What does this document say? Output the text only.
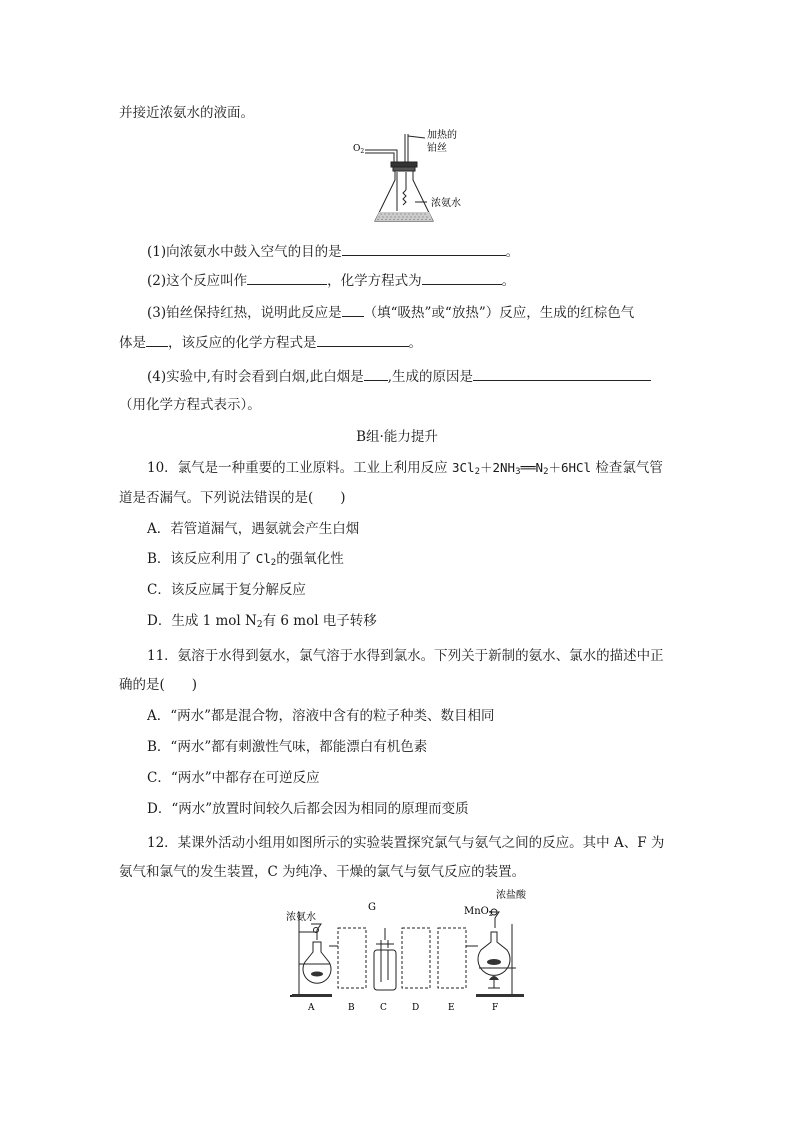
并接近浓氨水的液面。
$O_2$
加热的
铂丝
浓氨水
(1)向浓氨水中鼓入空气的目的是	。
(2)这个反应叫作	，化学方程式为	。
(3)铂丝保持红热，说明此反应是 （填“吸热”或“放热”）反应，生成的红棕色气
体是 ，该反应的化学方程式是	。
(4)实验中,有时会看到白烟,此白烟是 ,生成的原因是
（用化学方程式表示）。
B组·能力提升
10．氯气是一种重要的工业原料。工业上利用反应 $3Cl_2+2NH_3══N_2+6HCl$ 检查氯气管
道是否漏气。下列说法错误的是(　　)
A．若管道漏气，遇氨就会产生白烟
B．该反应利用了 $Cl_2$的强氧化性
C．该反应属于复分解反应
D．生成 1 mol $N_2$有 6 mol 电子转移
11．氨溶于水得到氨水，氯气溶于水得到氯水。下列关于新制的氨水、氯水的描述中正
确的是(　　)
A．“两水”都是混合物，溶液中含有的粒子种类、数目相同
B．“两水”都有刺激性气味，都能漂白有机色素
C．“两水”中都存在可逆反应
D．“两水”放置时间较久后都会因为相同的原理而变质
12．某课外活动小组用如图所示的实验装置探究氯气与氨气之间的反应。其中 A、F 为
氨气和氯气的发生装置，C 为纯净、干燥的氯气与氨气反应的装置。
浓氨水
G	MnO$_2$
浓盐酸
A	B	C	D	E	F
